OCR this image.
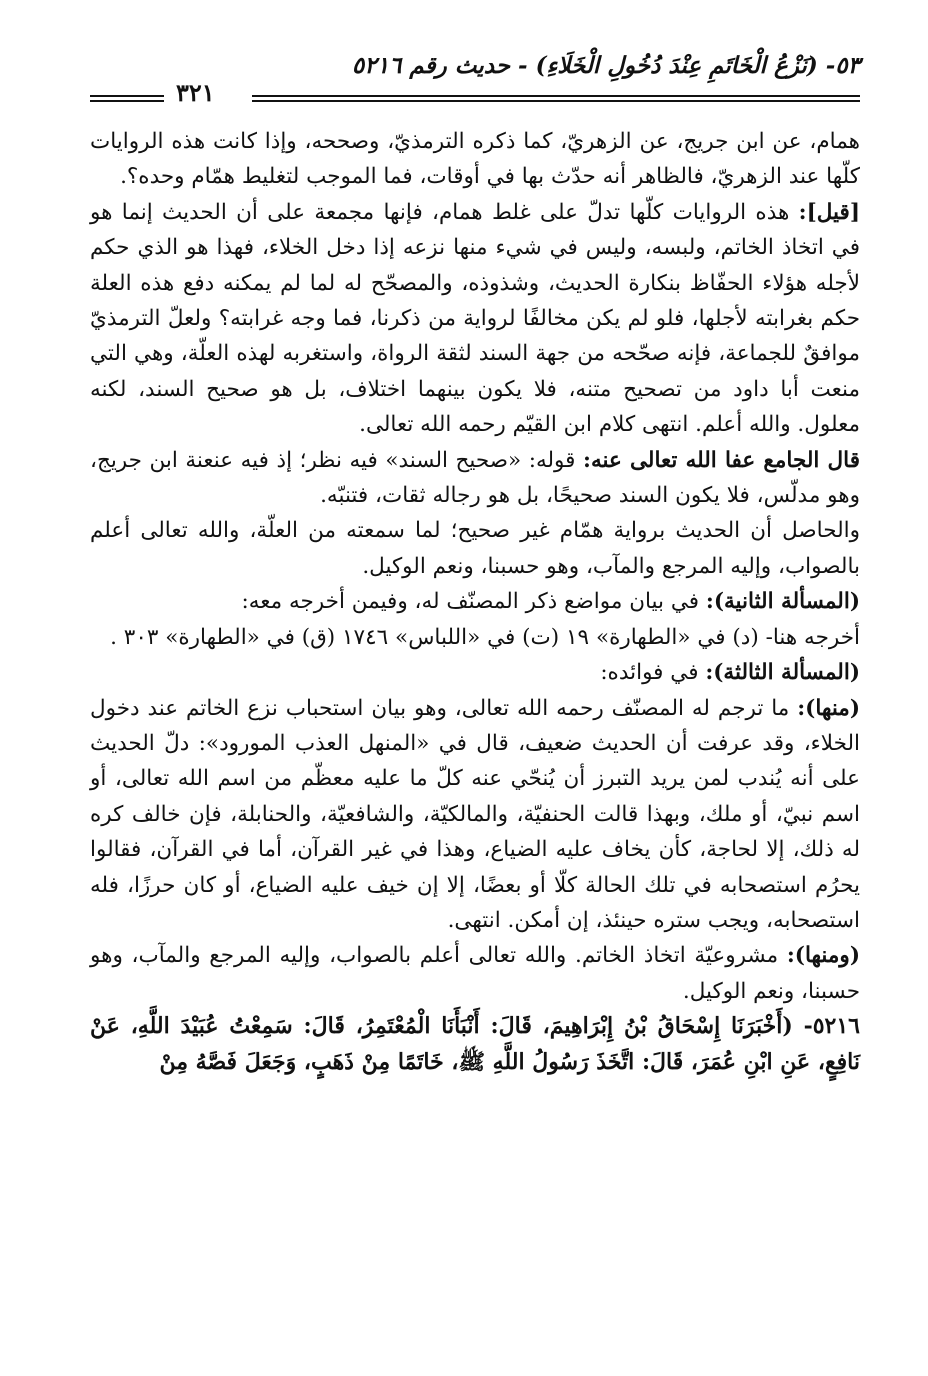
٥٣- (نَزْعُ الْخَاتَمِ عِنْدَ دُخُولِ الْخَلَاءِ) - حديث رقم ٥٢١٦
٣٢١

همام، عن ابن جريج، عن الزهريّ، كما ذكره الترمذيّ، وصححه، وإذا كانت هذه الروايات كلّها عند الزهريّ، فالظاهر أنه حدّث بها في أوقات، فما الموجب لتغليط همّام وحده؟.

[قيل]: هذه الروايات كلّها تدلّ على غلط همام، فإنها مجمعة على أن الحديث إنما هو في اتخاذ الخاتم، ولبسه، وليس في شيء منها نزعه إذا دخل الخلاء، فهذا هو الذي حكم لأجله هؤلاء الحفّاظ بنكارة الحديث، وشذوذه، والمصحّح له لما لم يمكنه دفع هذه العلة حكم بغرابته لأجلها، فلو لم يكن مخالفًا لرواية من ذكرنا، فما وجه غرابته؟ ولعلّ الترمذيّ موافقٌ للجماعة، فإنه صحّحه من جهة السند لثقة الرواة، واستغربه لهذه العلّة، وهي التي منعت أبا داود من تصحيح متنه، فلا يكون بينهما اختلاف، بل هو صحيح السند، لكنه معلول. والله أعلم. انتهى كلام ابن القيّم رحمه الله تعالى.

قال الجامع عفا الله تعالى عنه: قوله: «صحيح السند» فيه نظر؛ إذ فيه عنعنة ابن جريج، وهو مدلّس، فلا يكون السند صحيحًا، بل هو رجاله ثقات، فتنبّه.

والحاصل أن الحديث برواية همّام غير صحيح؛ لما سمعته من العلّة، والله تعالى أعلم بالصواب، وإليه المرجع والمآب، وهو حسبنا، ونعم الوكيل.

(المسألة الثانية): في بيان مواضع ذكر المصنّف له، وفيمن أخرجه معه:

أخرجه هنا- (د) في «الطهارة» ١٩ (ت) في «اللباس» ١٧٤٦ (ق) في «الطهارة» ٣٠٣ .

(المسألة الثالثة): في فوائده:

(منها): ما ترجم له المصنّف رحمه الله تعالى، وهو بيان استحباب نزع الخاتم عند دخول الخلاء، وقد عرفت أن الحديث ضعيف، قال في «المنهل العذب المورود»: دلّ الحديث على أنه يُندب لمن يريد التبرز أن يُنحّي عنه كلّ ما عليه معظّم من اسم الله تعالى، أو اسم نبيّ، أو ملك، وبهذا قالت الحنفيّة، والمالكيّة، والشافعيّة، والحنابلة، فإن خالف كره له ذلك، إلا لحاجة، كأن يخاف عليه الضياع، وهذا في غير القرآن، أما في القرآن، فقالوا يحرُم استصحابه في تلك الحالة كلّا أو بعضًا، إلا إن خيف عليه الضياع، أو كان حرزًا، فله استصحابه، ويجب ستره حينئذ، إن أمكن. انتهى.

(ومنها): مشروعيّة اتخاذ الخاتم. والله تعالى أعلم بالصواب، وإليه المرجع والمآب، وهو حسبنا، ونعم الوكيل.

٥٢١٦- (أَخْبَرَنَا إِسْحَاقُ بْنُ إِبْرَاهِيمَ، قَالَ: أَنْبَأَنَا الْمُعْتَمِرُ، قَالَ: سَمِعْتُ عُبَيْدَ اللَّهِ، عَنْ نَافِعٍ، عَنِ ابْنِ عُمَرَ، قَالَ: اتَّخَذَ رَسُولُ اللَّهِ ﷺ، خَاتَمًا مِنْ ذَهَبٍ، وَجَعَلَ فَصَّهُ مِنْ
